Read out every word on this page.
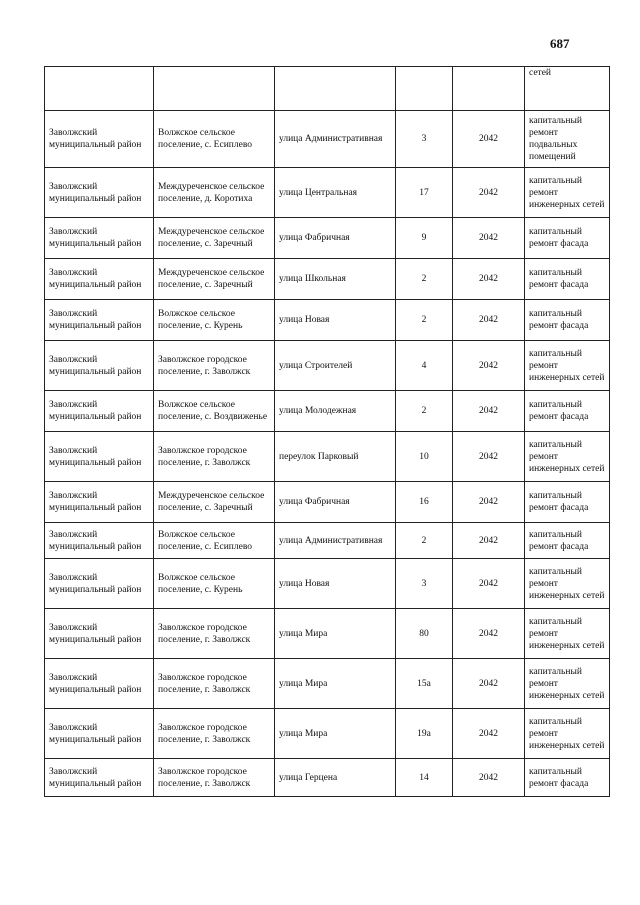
687
					сетей
Заволжский муниципальный район	Волжское сельское поселение, с. Есиплево	улица Административная	3	2042	капитальный ремонт подвальных помещений
Заволжский муниципальный район	Междуреченское сельское поселение, д. Коротиха	улица Центральная	17	2042	капитальный ремонт инженерных сетей
Заволжский муниципальный район	Междуреченское сельское поселение, с. Заречный	улица Фабричная	9	2042	капитальный ремонт фасада
Заволжский муниципальный район	Междуреченское сельское поселение, с. Заречный	улица Школьная	2	2042	капитальный ремонт фасада
Заволжский муниципальный район	Волжское сельское поселение, с. Курень	улица Новая	2	2042	капитальный ремонт фасада
Заволжский муниципальный район	Заволжское городское поселение, г. Заволжск	улица Строителей	4	2042	капитальный ремонт инженерных сетей
Заволжский муниципальный район	Волжское сельское поселение, с. Воздвиженье	улица Молодежная	2	2042	капитальный ремонт фасада
Заволжский муниципальный район	Заволжское городское поселение, г. Заволжск	переулок Парковый	10	2042	капитальный ремонт инженерных сетей
Заволжский муниципальный район	Междуреченское сельское поселение, с. Заречный	улица Фабричная	16	2042	капитальный ремонт фасада
Заволжский муниципальный район	Волжское сельское поселение, с. Есиплево	улица Административная	2	2042	капитальный ремонт фасада
Заволжский муниципальный район	Волжское сельское поселение, с. Курень	улица Новая	3	2042	капитальный ремонт инженерных сетей
Заволжский муниципальный район	Заволжское городское поселение, г. Заволжск	улица Мира	80	2042	капитальный ремонт инженерных сетей
Заволжский муниципальный район	Заволжское городское поселение, г. Заволжск	улица Мира	15а	2042	капитальный ремонт инженерных сетей
Заволжский муниципальный район	Заволжское городское поселение, г. Заволжск	улица Мира	19а	2042	капитальный ремонт инженерных сетей
Заволжский муниципальный район	Заволжское городское поселение, г. Заволжск	улица Герцена	14	2042	капитальный ремонт фасада
